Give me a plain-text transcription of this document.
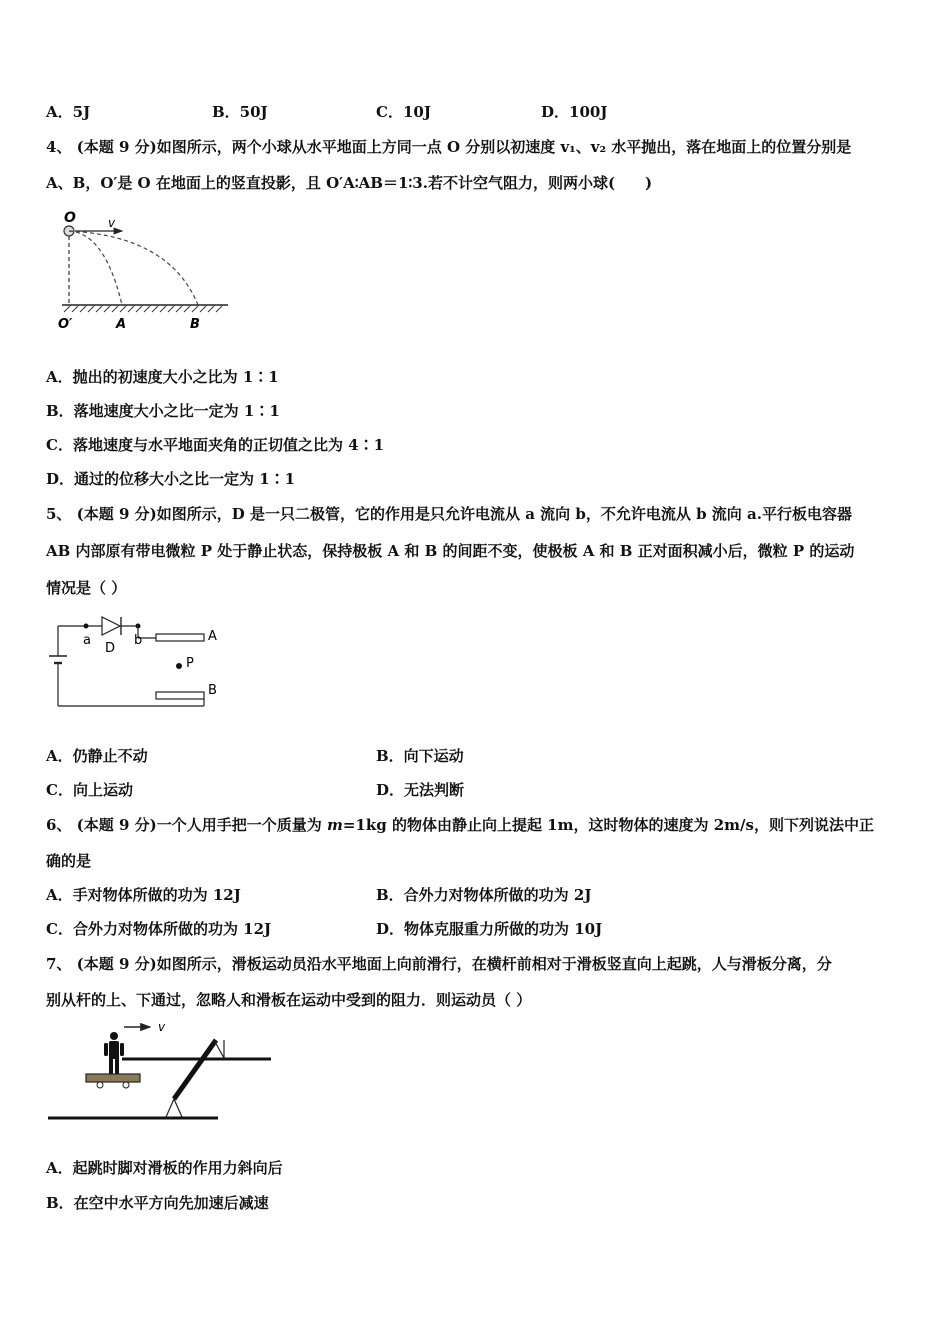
A．5J	B．50J	C．10J	D．100J
4、 (本题 9 分)如图所示，两个小球从水平地面上方同一点 O 分别以初速度 v₁、v₂ 水平抛出，落在地面上的位置分别是
A、B，O′是 O 在地面上的竖直投影，且 O′A∶AB＝1∶3.若不计空气阻力，则两小球(　　)
O	v
O′	A	B
A．抛出的初速度大小之比为 1∶1
B．落地速度大小之比一定为 1∶1
C．落地速度与水平地面夹角的正切值之比为 4∶1
D．通过的位移大小之比一定为 1∶1
5、 (本题 9 分)如图所示，D 是一只二极管，它的作用是只允许电流从 a 流向 b，不允许电流从 b 流向 a.平行板电容器
AB 内部原有带电微粒 P 处于静止状态，保持极板 A 和 B 的间距不变，使极板 A 和 B 正对面积减小后，微粒 P 的运动
情况是（ ）
a
D
b	A
P
B
A．仍静止不动	B．向下运动
C．向上运动	D．无法判断
6、 (本题 9 分)一个人用手把一个质量为 m=1kg 的物体由静止向上提起 1m，这时物体的速度为 2m/s，则下列说法中正
确的是
A．手对物体所做的功为 12J	B．合外力对物体所做的功为 2J
C．合外力对物体所做的功为 12J	D．物体克服重力所做的功为 10J
7、 (本题 9 分)如图所示，滑板运动员沿水平地面上向前滑行，在横杆前相对于滑板竖直向上起跳，人与滑板分离，分
别从杆的上、下通过，忽略人和滑板在运动中受到的阻力．则运动员（ ）
v
A．起跳时脚对滑板的作用力斜向后
B．在空中水平方向先加速后减速
